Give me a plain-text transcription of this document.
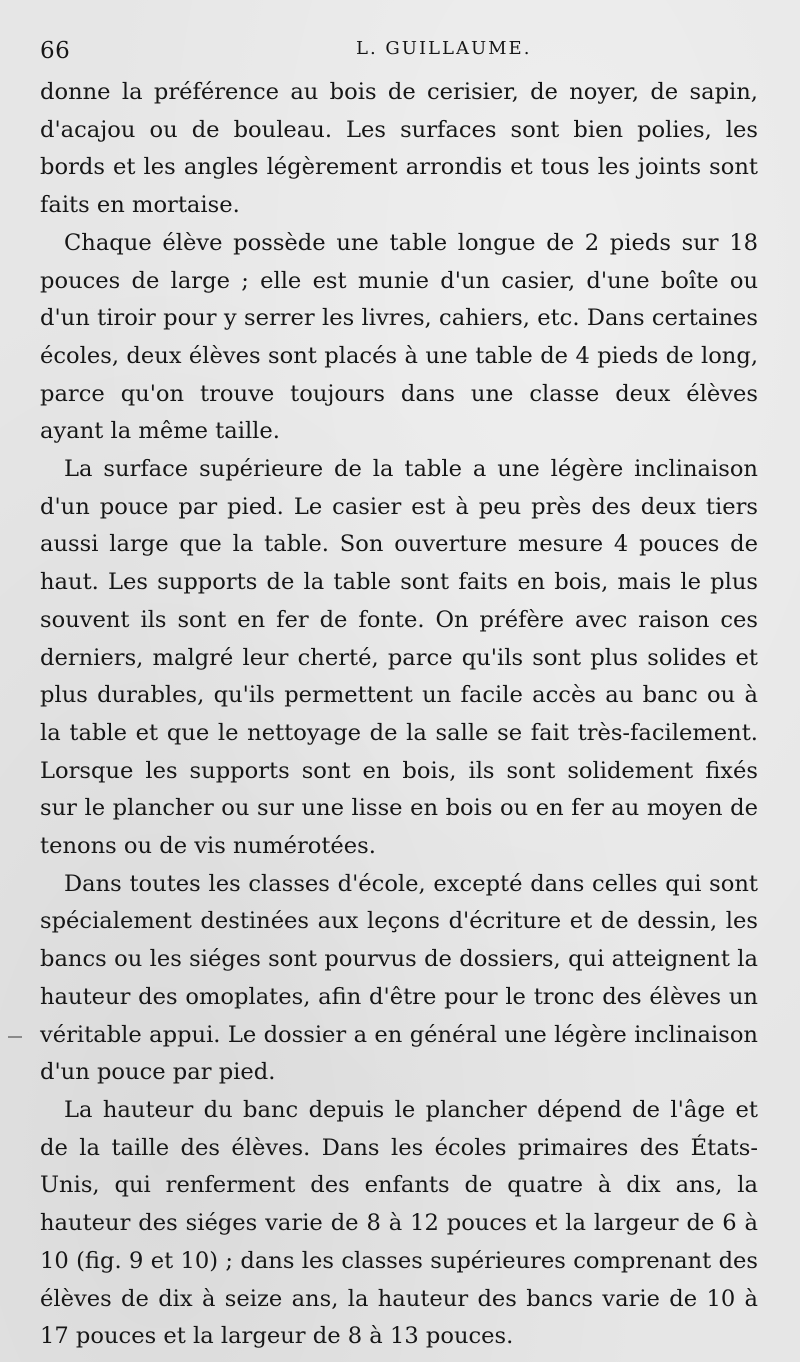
66	L. GUILLAUME.

donne la préférence au bois de cerisier, de noyer, de sapin, d'acajou ou de bouleau. Les surfaces sont bien polies, les bords et les angles légèrement arrondis et tous les joints sont faits en mortaise.

Chaque élève possède une table longue de 2 pieds sur 18 pouces de large ; elle est munie d'un casier, d'une boîte ou d'un tiroir pour y serrer les livres, cahiers, etc. Dans certaines écoles, deux élèves sont placés à une table de 4 pieds de long, parce qu'on trouve toujours dans une classe deux élèves ayant la même taille.

La surface supérieure de la table a une légère inclinaison d'un pouce par pied. Le casier est à peu près des deux tiers aussi large que la table. Son ouverture mesure 4 pouces de haut. Les supports de la table sont faits en bois, mais le plus souvent ils sont en fer de fonte. On préfère avec raison ces derniers, malgré leur cherté, parce qu'ils sont plus solides et plus durables, qu'ils permettent un facile accès au banc ou à la table et que le nettoyage de la salle se fait très-facilement. Lorsque les supports sont en bois, ils sont solidement fixés sur le plancher ou sur une lisse en bois ou en fer au moyen de tenons ou de vis numérotées.

Dans toutes les classes d'école, excepté dans celles qui sont spécialement destinées aux leçons d'écriture et de dessin, les bancs ou les siéges sont pourvus de dossiers, qui atteignent la hauteur des omoplates, afin d'être pour le tronc des élèves un véritable appui. Le dossier a en général une légère inclinaison d'un pouce par pied.

La hauteur du banc depuis le plancher dépend de l'âge et de la taille des élèves. Dans les écoles primaires des États-Unis, qui renferment des enfants de quatre à dix ans, la hauteur des siéges varie de 8 à 12 pouces et la largeur de 6 à 10 (fig. 9 et 10) ; dans les classes supérieures comprenant des élèves de dix à seize ans, la hauteur des bancs varie de 10 à 17 pouces et la largeur de 8 à 13 pouces.
